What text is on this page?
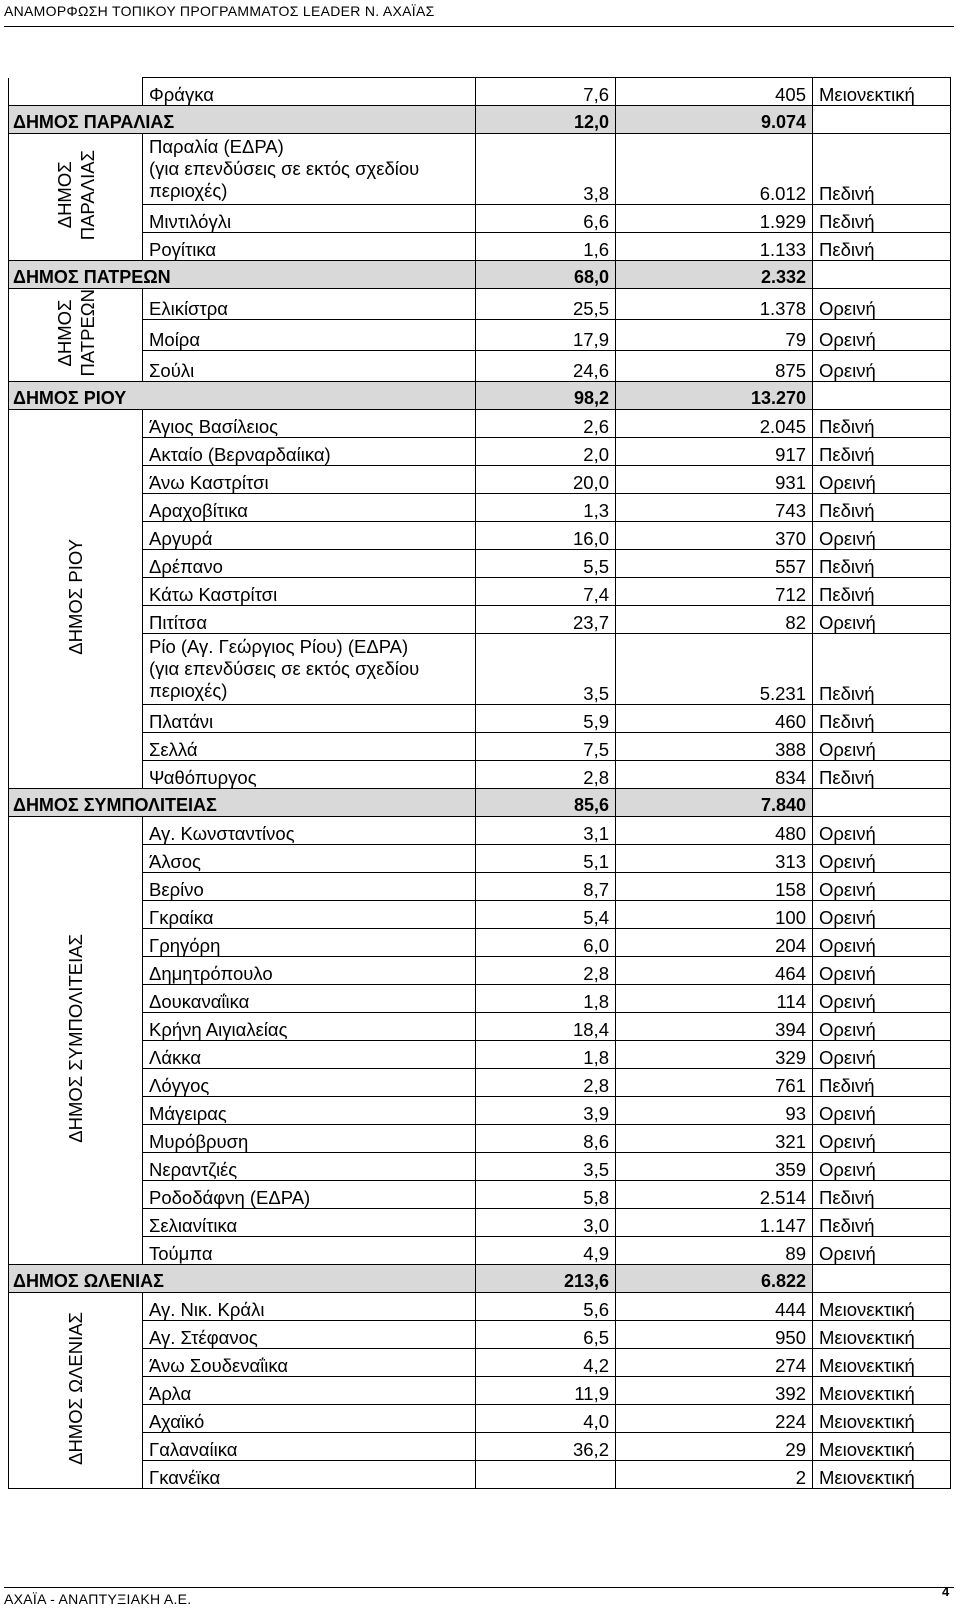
ΑΝΑΜΟΡΦΩΣΗ ΤΟΠΙΚΟΥ ΠΡΟΓΡΑΜΜΑΤΟΣ LEADER Ν. ΑΧΑΪΑΣ
	Φράγκα	7,6	405	Μειονεκτική
ΔΗΜΟΣ ΠΑΡΑΛΙΑΣ		12,0	9.074	
ΔΗΜΟΣ ΠΑΡΑΛΙΑΣ	Παραλία (ΕΔΡΑ)
(για επενδύσεις σε εκτός σχεδίου
περιοχές)	3,8	6.012	Πεδινή
	Μιντιλόγλι	6,6	1.929	Πεδινή
	Ρογίτικα	1,6	1.133	Πεδινή
ΔΗΜΟΣ ΠΑΤΡΕΩΝ		68,0	2.332	
ΔΗΜΟΣ ΠΑΤΡΕΩΝ	Ελικίστρα	25,5	1.378	Ορεινή
	Μοίρα	17,9	79	Ορεινή
	Σούλι	24,6	875	Ορεινή
ΔΗΜΟΣ ΡΙΟΥ		98,2	13.270	
ΔΗΜΟΣ ΡΙΟΥ	Άγιος Βασίλειος	2,6	2.045	Πεδινή
	Ακταίο (Βερναρδαίικα)	2,0	917	Πεδινή
	Άνω Καστρίτσι	20,0	931	Ορεινή
	Αραχοβίτικα	1,3	743	Πεδινή
	Αργυρά	16,0	370	Ορεινή
	Δρέπανο	5,5	557	Πεδινή
	Κάτω Καστρίτσι	7,4	712	Πεδινή
	Πιτίτσα	23,7	82	Ορεινή
	Ρίο (Αγ. Γεώργιος Ρίου) (ΕΔΡΑ)
(για επενδύσεις σε εκτός σχεδίου
περιοχές)	3,5	5.231	Πεδινή
	Πλατάνι	5,9	460	Πεδινή
	Σελλά	7,5	388	Ορεινή
	Ψαθόπυργος	2,8	834	Πεδινή
ΔΗΜΟΣ ΣΥΜΠΟΛΙΤΕΙΑΣ		85,6	7.840	
ΔΗΜΟΣ ΣΥΜΠΟΛΙΤΕΙΑΣ	Αγ. Κωνσταντίνος	3,1	480	Ορεινή
	Άλσος	5,1	313	Ορεινή
	Βερίνο	8,7	158	Ορεινή
	Γκραίκα	5,4	100	Ορεινή
	Γρηγόρη	6,0	204	Ορεινή
	Δημητρόπουλο	2,8	464	Ορεινή
	Δουκαναΐικα	1,8	114	Ορεινή
	Κρήνη Αιγιαλείας	18,4	394	Ορεινή
	Λάκκα	1,8	329	Ορεινή
	Λόγγος	2,8	761	Πεδινή
	Μάγειρας	3,9	93	Ορεινή
	Μυρόβρυση	8,6	321	Ορεινή
	Νεραντζιές	3,5	359	Ορεινή
	Ροδοδάφνη (ΕΔΡΑ)	5,8	2.514	Πεδινή
	Σελιανίτικα	3,0	1.147	Πεδινή
	Τούμπα	4,9	89	Ορεινή
ΔΗΜΟΣ ΩΛΕΝΙΑΣ		213,6	6.822	
ΔΗΜΟΣ ΩΛΕΝΙΑΣ	Αγ. Νικ. Κράλι	5,6	444	Μειονεκτική
	Αγ. Στέφανος	6,5	950	Μειονεκτική
	Άνω Σουδεναΐικα	4,2	274	Μειονεκτική
	Άρλα	11,9	392	Μειονεκτική
	Αχαϊκό	4,0	224	Μειονεκτική
	Γαλαναίικα	36,2	29	Μειονεκτική
	Γκανέϊκα		2	Μειονεκτική
ΑΧΑΪΑ - ΑΝΑΠΤΥΞΙΑΚΗ Α.Ε.	4
